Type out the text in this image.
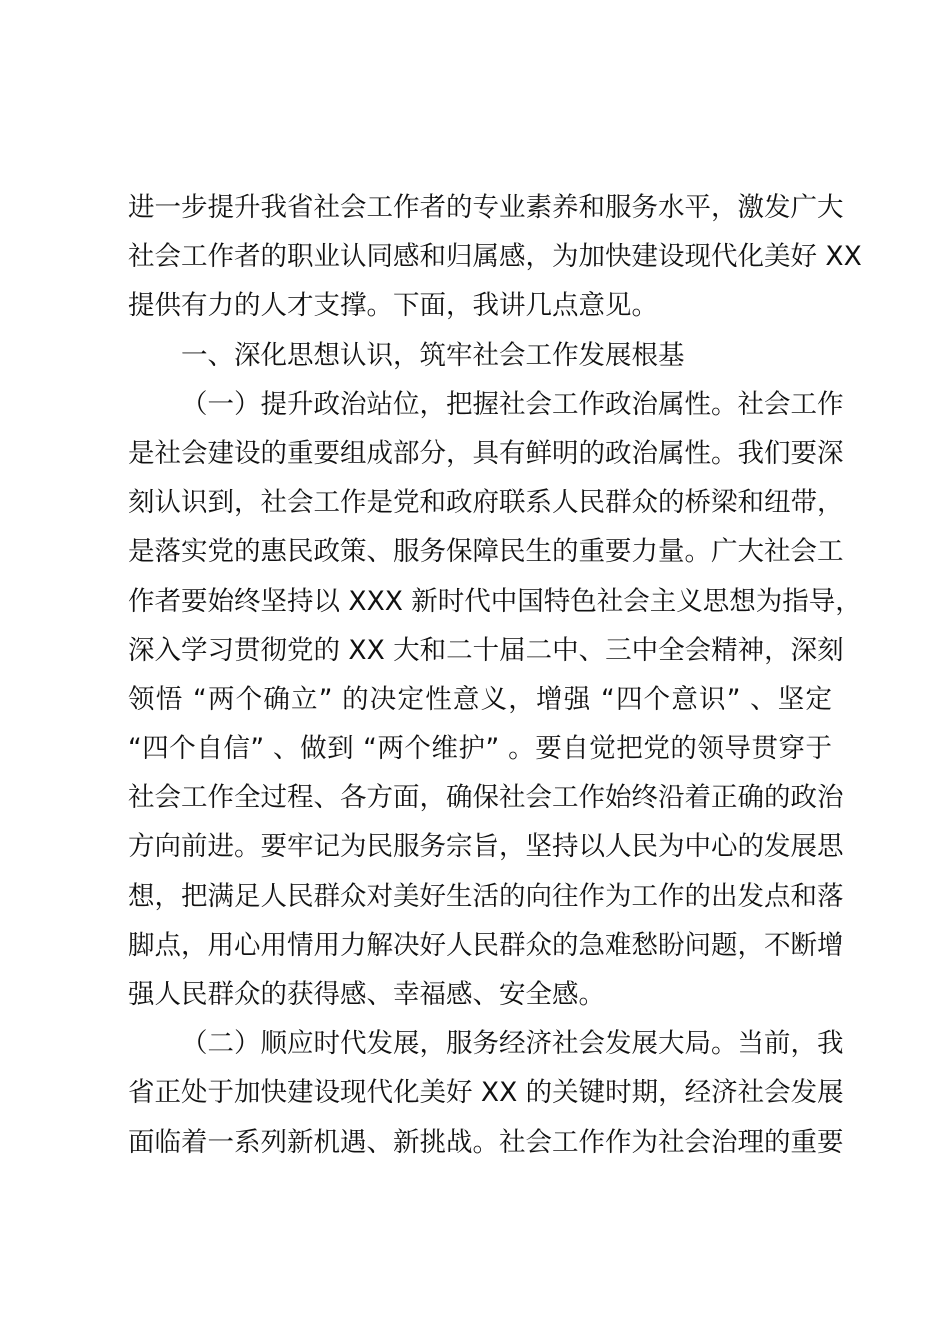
进一步提升我省社会工作者的专业素养和服务水平，激发广大
社会工作者的职业认同感和归属感，为加快建设现代化美好 XX
提供有力的人才支撑。下面，我讲几点意见。
一、深化思想认识，筑牢社会工作发展根基
（一）提升政治站位，把握社会工作政治属性。社会工作
是社会建设的重要组成部分，具有鲜明的政治属性。我们要深
刻认识到，社会工作是党和政府联系人民群众的桥梁和纽带，
是落实党的惠民政策、服务保障民生的重要力量。广大社会工
作者要始终坚持以 XXX 新时代中国特色社会主义思想为指导，
深入学习贯彻党的 XX 大和二十届二中、三中全会精神，深刻
领悟 “两个确立” 的决定性意义，增强 “四个意识” 、坚定
“四个自信” 、做到 “两个维护” 。要自觉把党的领导贯穿于
社会工作全过程、各方面，确保社会工作始终沿着正确的政治
方向前进。要牢记为民服务宗旨，坚持以人民为中心的发展思
想，把满足人民群众对美好生活的向往作为工作的出发点和落
脚点，用心用情用力解决好人民群众的急难愁盼问题，不断增
强人民群众的获得感、幸福感、安全感。
（二）顺应时代发展，服务经济社会发展大局。当前，我
省正处于加快建设现代化美好 XX 的关键时期，经济社会发展
面临着一系列新机遇、新挑战。社会工作作为社会治理的重要
